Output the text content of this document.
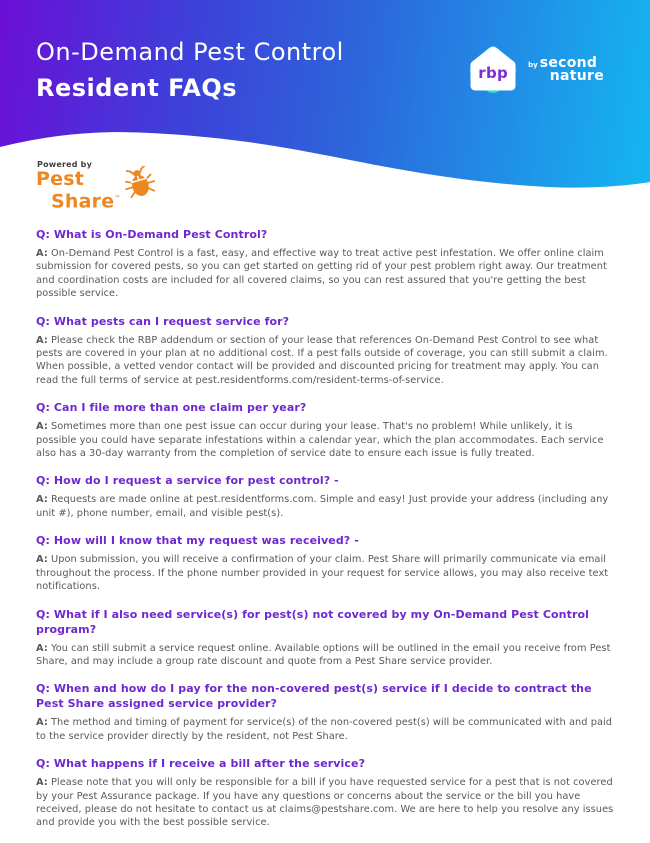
On-Demand Pest Control
Resident FAQs
rbp	by second
nature
Powered by
Pest
Share™
Q: What is On-Demand Pest Control?

A: On-Demand Pest Control is a fast, easy, and effective way to treat active pest infestation. We offer online claim submission for covered pests, so you can get started on getting rid of your pest problem right away. Our treatment and coordination costs are included for all covered claims, so you can rest assured that you're getting the best possible service.

Q: What pests can I request service for?

A: Please check the RBP addendum or section of your lease that references On-Demand Pest Control to see what pests are covered in your plan at no additional cost. If a pest falls outside of coverage, you can still submit a claim. When possible, a vetted vendor contact will be provided and discounted pricing for treatment may apply. You can read the full terms of service at pest.residentforms.com/resident-terms-of-service.

Q: Can I file more than one claim per year?

A: Sometimes more than one pest issue can occur during your lease. That's no problem! While unlikely, it is possible you could have separate infestations within a calendar year, which the plan accommodates. Each service also has a 30-day warranty from the completion of service date to ensure each issue is fully treated.

Q: How do I request a service for pest control? -

A: Requests are made online at pest.residentforms.com. Simple and easy! Just provide your address (including any unit #), phone number, email, and visible pest(s).

Q: How will I know that my request was received? -

A: Upon submission, you will receive a confirmation of your claim. Pest Share will primarily communicate via email throughout the process. If the phone number provided in your request for service allows, you may also receive text notifications.

Q: What if I also need service(s) for pest(s) not covered by my On-Demand Pest Control program?

A: You can still submit a service request online. Available options will be outlined in the email you receive from Pest Share, and may include a group rate discount and quote from a Pest Share service provider.

Q: When and how do I pay for the non-covered pest(s) service if I decide to contract the Pest Share assigned service provider?

A: The method and timing of payment for service(s) of the non-covered pest(s) will be communicated with and paid to the service provider directly by the resident, not Pest Share.

Q: What happens if I receive a bill after the service?

A: Please note that you will only be responsible for a bill if you have requested service for a pest that is not covered by your Pest Assurance package. If you have any questions or concerns about the service or the bill you have received, please do not hesitate to contact us at claims@pestshare.com. We are here to help you resolve any issues and provide you with the best possible service.
